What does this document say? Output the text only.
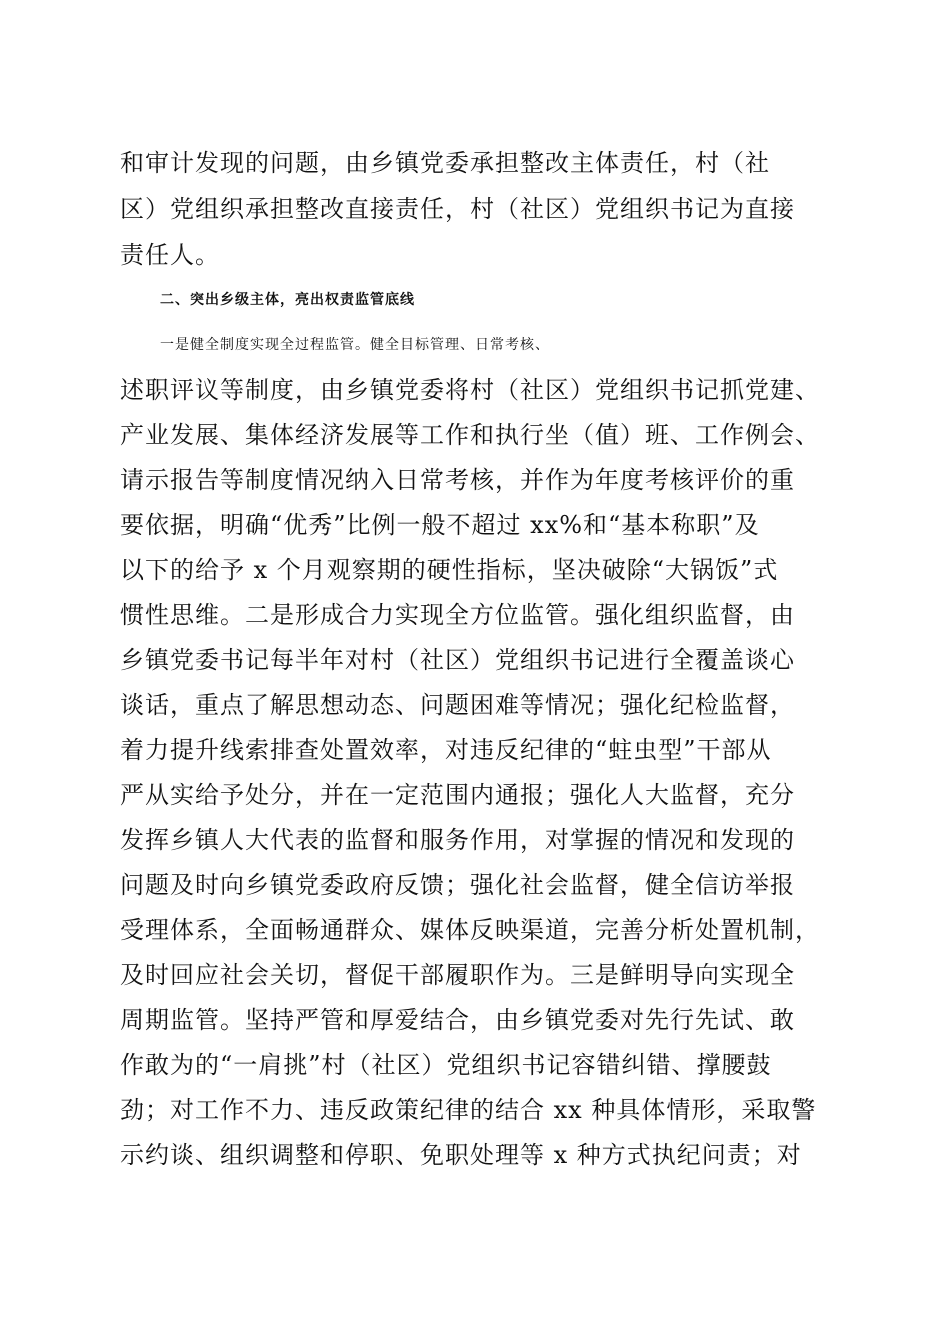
和审计发现的问题，由乡镇党委承担整改主体责任，村（社
区）党组织承担整改直接责任，村（社区）党组织书记为直接
责任人。
二、突出乡级主体，亮出权责监管底线
一是健全制度实现全过程监管。健全目标管理、日常考核、
述职评议等制度，由乡镇党委将村（社区）党组织书记抓党建、
产业发展、集体经济发展等工作和执行坐（值）班、工作例会、
请示报告等制度情况纳入日常考核，并作为年度考核评价的重
要依据，明确“优秀”比例一般不超过 xx%和“基本称职”及
以下的给予 x 个月观察期的硬性指标，坚决破除“大锅饭”式
惯性思维。二是形成合力实现全方位监管。强化组织监督，由
乡镇党委书记每半年对村（社区）党组织书记进行全覆盖谈心
谈话，重点了解思想动态、问题困难等情况；强化纪检监督，
着力提升线索排查处置效率，对违反纪律的“蛀虫型”干部从
严从实给予处分，并在一定范围内通报；强化人大监督，充分
发挥乡镇人大代表的监督和服务作用，对掌握的情况和发现的
问题及时向乡镇党委政府反馈；强化社会监督，健全信访举报
受理体系，全面畅通群众、媒体反映渠道，完善分析处置机制，
及时回应社会关切，督促干部履职作为。三是鲜明导向实现全
周期监管。坚持严管和厚爱结合，由乡镇党委对先行先试、敢
作敢为的“一肩挑”村（社区）党组织书记容错纠错、撑腰鼓
劲；对工作不力、违反政策纪律的结合 xx 种具体情形，采取警
示约谈、组织调整和停职、免职处理等 x 种方式执纪问责；对
